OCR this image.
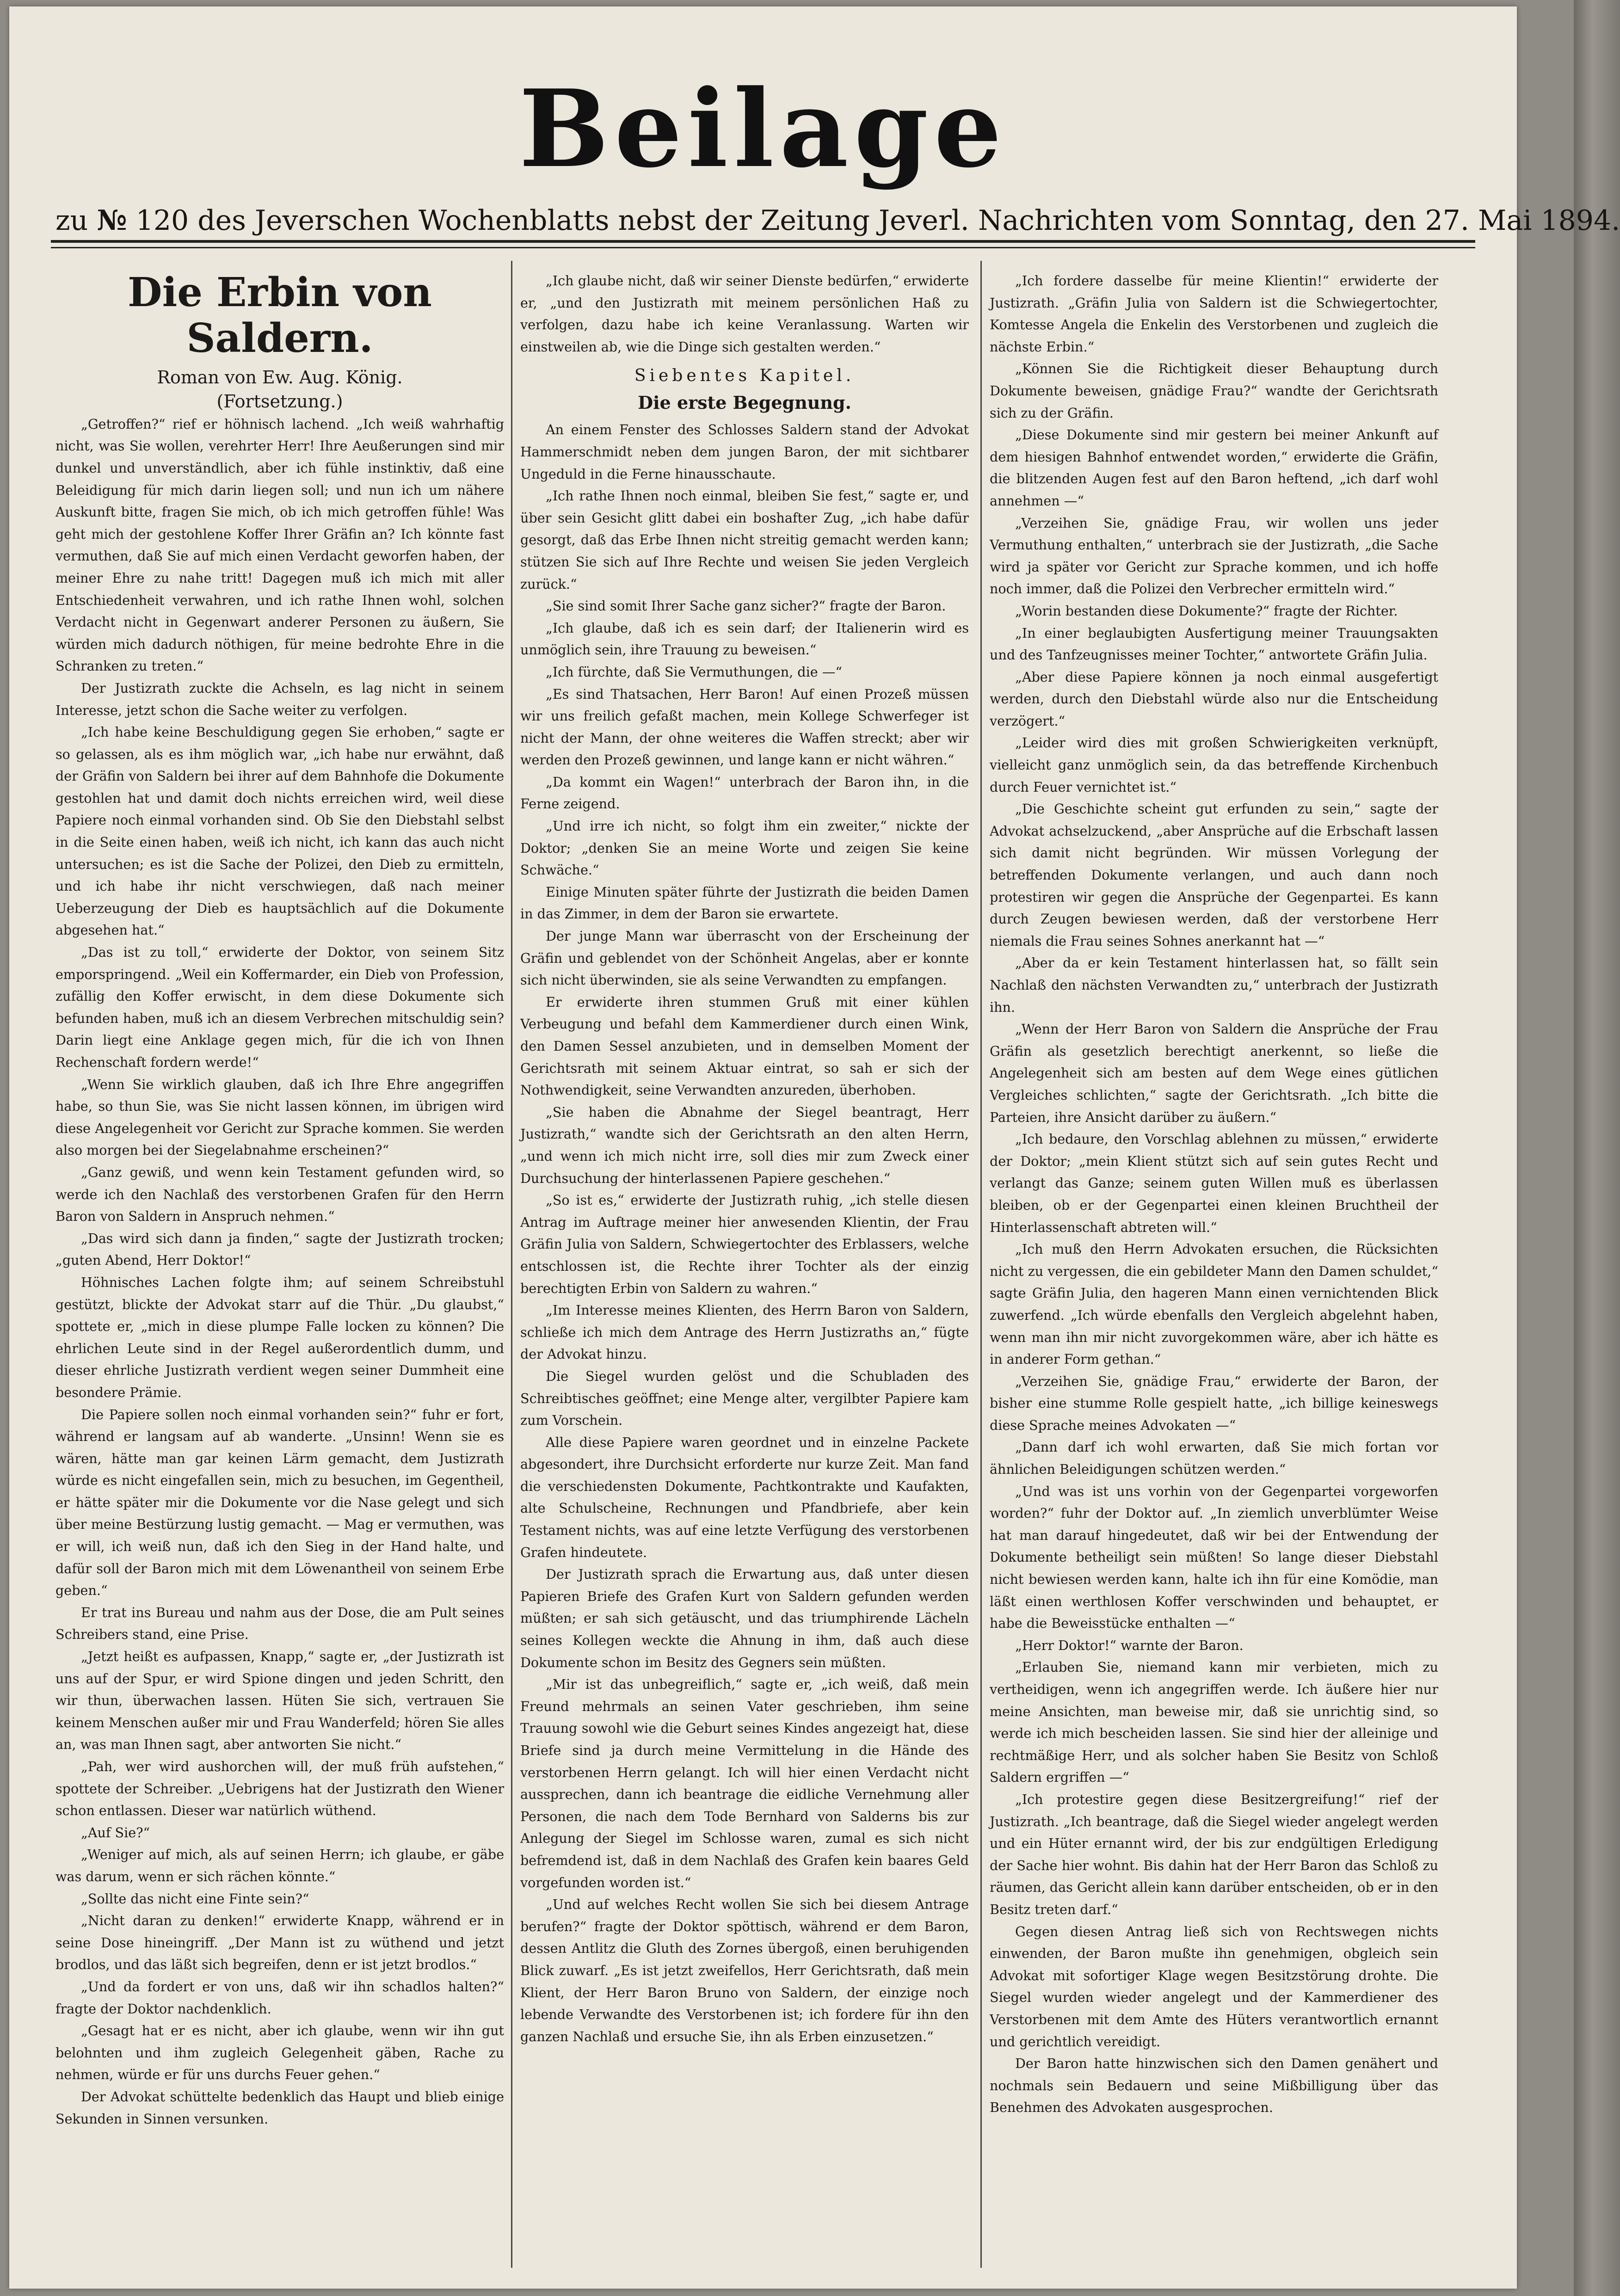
Beilage
zu № 120 des Jeverschen Wochenblatts nebst der Zeitung Jeverl. Nachrichten vom Sonntag, den 27. Mai 1894.
Die Erbin von Saldern.
Roman von Ew. Aug. König.
(Fortsetzung.)

„Getroffen?“ rief er höhnisch lachend. „Ich weiß wahrhaftig nicht, was Sie wollen, verehrter Herr! Ihre Aeußerungen sind mir dunkel und unverständlich, aber ich fühle instinktiv, daß eine Beleidigung für mich darin liegen soll; und nun ich um nähere Auskunft bitte, fragen Sie mich, ob ich mich getroffen fühle! Was geht mich der gestohlene Koffer Ihrer Gräfin an? Ich könnte fast vermuthen, daß Sie auf mich einen Verdacht geworfen haben, der meiner Ehre zu nahe tritt! Dagegen muß ich mich mit aller Entschiedenheit verwahren, und ich rathe Ihnen wohl, solchen Verdacht nicht in Gegenwart anderer Personen zu äußern, Sie würden mich dadurch nöthigen, für meine bedrohte Ehre in die Schranken zu treten.“

Der Justizrath zuckte die Achseln, es lag nicht in seinem Interesse, jetzt schon die Sache weiter zu verfolgen.

„Ich habe keine Beschuldigung gegen Sie erhoben,“ sagte er so gelassen, als es ihm möglich war, „ich habe nur erwähnt, daß der Gräfin von Saldern bei ihrer auf dem Bahnhofe die Dokumente gestohlen hat und damit doch nichts erreichen wird, weil diese Papiere noch einmal vorhanden sind. Ob Sie den Diebstahl selbst in die Seite einen haben, weiß ich nicht, ich kann das auch nicht untersuchen; es ist die Sache der Polizei, den Dieb zu ermitteln, und ich habe ihr nicht verschwiegen, daß nach meiner Ueberzeugung der Dieb es hauptsächlich auf die Dokumente abgesehen hat.“

„Das ist zu toll,“ erwiderte der Doktor, von seinem Sitz emporspringend. „Weil ein Koffermarder, ein Dieb von Profession, zufällig den Koffer erwischt, in dem diese Dokumente sich befunden haben, muß ich an diesem Verbrechen mitschuldig sein? Darin liegt eine Anklage gegen mich, für die ich von Ihnen Rechenschaft fordern werde!“

„Wenn Sie wirklich glauben, daß ich Ihre Ehre angegriffen habe, so thun Sie, was Sie nicht lassen können, im übrigen wird diese Angelegenheit vor Gericht zur Sprache kommen. Sie werden also morgen bei der Siegelabnahme erscheinen?“

„Ganz gewiß, und wenn kein Testament gefunden wird, so werde ich den Nachlaß des verstorbenen Grafen für den Herrn Baron von Saldern in Anspruch nehmen.“

„Das wird sich dann ja finden,“ sagte der Justizrath trocken; „guten Abend, Herr Doktor!“

Höhnisches Lachen folgte ihm; auf seinem Schreibstuhl gestützt, blickte der Advokat starr auf die Thür. „Du glaubst,“ spottete er, „mich in diese plumpe Falle locken zu können? Die ehrlichen Leute sind in der Regel außerordentlich dumm, und dieser ehrliche Justizrath verdient wegen seiner Dummheit eine besondere Prämie.

Die Papiere sollen noch einmal vorhanden sein?“ fuhr er fort, während er langsam auf ab wanderte. „Unsinn! Wenn sie es wären, hätte man gar keinen Lärm gemacht, dem Justizrath würde es nicht eingefallen sein, mich zu besuchen, im Gegentheil, er hätte später mir die Dokumente vor die Nase gelegt und sich über meine Bestürzung lustig gemacht. — Mag er vermuthen, was er will, ich weiß nun, daß ich den Sieg in der Hand halte, und dafür soll der Baron mich mit dem Löwenantheil von seinem Erbe geben.“

Er trat ins Bureau und nahm aus der Dose, die am Pult seines Schreibers stand, eine Prise.

„Jetzt heißt es aufpassen, Knapp,“ sagte er, „der Justizrath ist uns auf der Spur, er wird Spione dingen und jeden Schritt, den wir thun, überwachen lassen. Hüten Sie sich, vertrauen Sie keinem Menschen außer mir und Frau Wanderfeld; hören Sie alles an, was man Ihnen sagt, aber antworten Sie nicht.“

„Pah, wer wird aushorchen will, der muß früh aufstehen,“ spottete der Schreiber. „Uebrigens hat der Justizrath den Wiener schon entlassen. Dieser war natürlich wüthend.

„Auf Sie?“

„Weniger auf mich, als auf seinen Herrn; ich glaube, er gäbe was darum, wenn er sich rächen könnte.“

„Sollte das nicht eine Finte sein?“

„Nicht daran zu denken!“ erwiderte Knapp, während er in seine Dose hineingriff. „Der Mann ist zu wüthend und jetzt brodlos, und das läßt sich begreifen, denn er ist jetzt brodlos.“

„Und da fordert er von uns, daß wir ihn schadlos halten?“ fragte der Doktor nachdenklich.

„Gesagt hat er es nicht, aber ich glaube, wenn wir ihn gut belohnten und ihm zugleich Gelegenheit gäben, Rache zu nehmen, würde er für uns durchs Feuer gehen.“

Der Advokat schüttelte bedenklich das Haupt und blieb einige Sekunden in Sinnen versunken.

„Ich glaube nicht, daß wir seiner Dienste bedürfen,“ erwiderte er, „und den Justizrath mit meinem persönlichen Haß zu verfolgen, dazu habe ich keine Veranlassung. Warten wir einstweilen ab, wie die Dinge sich gestalten werden.“

Siebentes Kapitel.
Die erste Begegnung.

An einem Fenster des Schlosses Saldern stand der Advokat Hammerschmidt neben dem jungen Baron, der mit sichtbarer Ungeduld in die Ferne hinausschaute.

„Ich rathe Ihnen noch einmal, bleiben Sie fest,“ sagte er, und über sein Gesicht glitt dabei ein boshafter Zug, „ich habe dafür gesorgt, daß das Erbe Ihnen nicht streitig gemacht werden kann; stützen Sie sich auf Ihre Rechte und weisen Sie jeden Vergleich zurück.“

„Sie sind somit Ihrer Sache ganz sicher?“ fragte der Baron.

„Ich glaube, daß ich es sein darf; der Italienerin wird es unmöglich sein, ihre Trauung zu beweisen.“

„Ich fürchte, daß Sie Vermuthungen, die —“

„Es sind Thatsachen, Herr Baron! Auf einen Prozeß müssen wir uns freilich gefaßt machen, mein Kollege Schwerfeger ist nicht der Mann, der ohne weiteres die Waffen streckt; aber wir werden den Prozeß gewinnen, und lange kann er nicht währen.“

„Da kommt ein Wagen!“ unterbrach der Baron ihn, in die Ferne zeigend.

„Und irre ich nicht, so folgt ihm ein zweiter,“ nickte der Doktor; „denken Sie an meine Worte und zeigen Sie keine Schwäche.“

Einige Minuten später führte der Justizrath die beiden Damen in das Zimmer, in dem der Baron sie erwartete.

Der junge Mann war überrascht von der Erscheinung der Gräfin und geblendet von der Schönheit Angelas, aber er konnte sich nicht überwinden, sie als seine Verwandten zu empfangen.

Er erwiderte ihren stummen Gruß mit einer kühlen Verbeugung und befahl dem Kammerdiener durch einen Wink, den Damen Sessel anzubieten, und in demselben Moment der Gerichtsrath mit seinem Aktuar eintrat, so sah er sich der Nothwendigkeit, seine Verwandten anzureden, überhoben.

„Sie haben die Abnahme der Siegel beantragt, Herr Justizrath,“ wandte sich der Gerichtsrath an den alten Herrn, „und wenn ich mich nicht irre, soll dies mir zum Zweck einer Durchsuchung der hinterlassenen Papiere geschehen.“

„So ist es,“ erwiderte der Justizrath ruhig, „ich stelle diesen Antrag im Auftrage meiner hier anwesenden Klientin, der Frau Gräfin Julia von Saldern, Schwiegertochter des Erblassers, welche entschlossen ist, die Rechte ihrer Tochter als der einzig berechtigten Erbin von Saldern zu wahren.“

„Im Interesse meines Klienten, des Herrn Baron von Saldern, schließe ich mich dem Antrage des Herrn Justizraths an,“ fügte der Advokat hinzu.

Die Siegel wurden gelöst und die Schubladen des Schreibtisches geöffnet; eine Menge alter, vergilbter Papiere kam zum Vorschein.

Alle diese Papiere waren geordnet und in einzelne Packete abgesondert, ihre Durchsicht erforderte nur kurze Zeit. Man fand die verschiedensten Dokumente, Pachtkontrakte und Kaufakten, alte Schulscheine, Rechnungen und Pfandbriefe, aber kein Testament nichts, was auf eine letzte Verfügung des verstorbenen Grafen hindeutete.

Der Justizrath sprach die Erwartung aus, daß unter diesen Papieren Briefe des Grafen Kurt von Saldern gefunden werden müßten; er sah sich getäuscht, und das triumphirende Lächeln seines Kollegen weckte die Ahnung in ihm, daß auch diese Dokumente schon im Besitz des Gegners sein müßten.

„Mir ist das unbegreiflich,“ sagte er, „ich weiß, daß mein Freund mehrmals an seinen Vater geschrieben, ihm seine Trauung sowohl wie die Geburt seines Kindes angezeigt hat, diese Briefe sind ja durch meine Vermittelung in die Hände des verstorbenen Herrn gelangt. Ich will hier einen Verdacht nicht aussprechen, dann ich beantrage die eidliche Vernehmung aller Personen, die nach dem Tode Bernhard von Salderns bis zur Anlegung der Siegel im Schlosse waren, zumal es sich nicht befremdend ist, daß in dem Nachlaß des Grafen kein baares Geld vorgefunden worden ist.“

„Und auf welches Recht wollen Sie sich bei diesem Antrage berufen?“ fragte der Doktor spöttisch, während er dem Baron, dessen Antlitz die Gluth des Zornes übergoß, einen beruhigenden Blick zuwarf. „Es ist jetzt zweifellos, Herr Gerichtsrath, daß mein Klient, der Herr Baron Bruno von Saldern, der einzige noch lebende Verwandte des Verstorbenen ist; ich fordere für ihn den ganzen Nachlaß und ersuche Sie, ihn als Erben einzusetzen.“

„Ich fordere dasselbe für meine Klientin!“ erwiderte der Justizrath. „Gräfin Julia von Saldern ist die Schwiegertochter, Komtesse Angela die Enkelin des Verstorbenen und zugleich die nächste Erbin.“

„Können Sie die Richtigkeit dieser Behauptung durch Dokumente beweisen, gnädige Frau?“ wandte der Gerichtsrath sich zu der Gräfin.

„Diese Dokumente sind mir gestern bei meiner Ankunft auf dem hiesigen Bahnhof entwendet worden,“ erwiderte die Gräfin, die blitzenden Augen fest auf den Baron heftend, „ich darf wohl annehmen —“

„Verzeihen Sie, gnädige Frau, wir wollen uns jeder Vermuthung enthalten,“ unterbrach sie der Justizrath, „die Sache wird ja später vor Gericht zur Sprache kommen, und ich hoffe noch immer, daß die Polizei den Verbrecher ermitteln wird.“

„Worin bestanden diese Dokumente?“ fragte der Richter.

„In einer beglaubigten Ausfertigung meiner Trauungsakten und des Tanfzeugnisses meiner Tochter,“ antwortete Gräfin Julia.

„Aber diese Papiere können ja noch einmal ausgefertigt werden, durch den Diebstahl würde also nur die Entscheidung verzögert.“

„Leider wird dies mit großen Schwierigkeiten verknüpft, vielleicht ganz unmöglich sein, da das betreffende Kirchenbuch durch Feuer vernichtet ist.“

„Die Geschichte scheint gut erfunden zu sein,“ sagte der Advokat achselzuckend, „aber Ansprüche auf die Erbschaft lassen sich damit nicht begründen. Wir müssen Vorlegung der betreffenden Dokumente verlangen, und auch dann noch protestiren wir gegen die Ansprüche der Gegenpartei. Es kann durch Zeugen bewiesen werden, daß der verstorbene Herr niemals die Frau seines Sohnes anerkannt hat —“

„Aber da er kein Testament hinterlassen hat, so fällt sein Nachlaß den nächsten Verwandten zu,“ unterbrach der Justizrath ihn.

„Wenn der Herr Baron von Saldern die Ansprüche der Frau Gräfin als gesetzlich berechtigt anerkennt, so ließe die Angelegenheit sich am besten auf dem Wege eines gütlichen Vergleiches schlichten,“ sagte der Gerichtsrath. „Ich bitte die Parteien, ihre Ansicht darüber zu äußern.“

„Ich bedaure, den Vorschlag ablehnen zu müssen,“ erwiderte der Doktor; „mein Klient stützt sich auf sein gutes Recht und verlangt das Ganze; seinem guten Willen muß es überlassen bleiben, ob er der Gegenpartei einen kleinen Bruchtheil der Hinterlassenschaft abtreten will.“

„Ich muß den Herrn Advokaten ersuchen, die Rücksichten nicht zu vergessen, die ein gebildeter Mann den Damen schuldet,“ sagte Gräfin Julia, den hageren Mann einen vernichtenden Blick zuwerfend. „Ich würde ebenfalls den Vergleich abgelehnt haben, wenn man ihn mir nicht zuvorgekommen wäre, aber ich hätte es in anderer Form gethan.“

„Verzeihen Sie, gnädige Frau,“ erwiderte der Baron, der bisher eine stumme Rolle gespielt hatte, „ich billige keineswegs diese Sprache meines Advokaten —“

„Dann darf ich wohl erwarten, daß Sie mich fortan vor ähnlichen Beleidigungen schützen werden.“

„Und was ist uns vorhin von der Gegenpartei vorgeworfen worden?“ fuhr der Doktor auf. „In ziemlich unverblümter Weise hat man darauf hingedeutet, daß wir bei der Entwendung der Dokumente betheiligt sein müßten! So lange dieser Diebstahl nicht bewiesen werden kann, halte ich ihn für eine Komödie, man läßt einen werthlosen Koffer verschwinden und behauptet, er habe die Beweisstücke enthalten —“

„Herr Doktor!“ warnte der Baron.

„Erlauben Sie, niemand kann mir verbieten, mich zu vertheidigen, wenn ich angegriffen werde. Ich äußere hier nur meine Ansichten, man beweise mir, daß sie unrichtig sind, so werde ich mich bescheiden lassen. Sie sind hier der alleinige und rechtmäßige Herr, und als solcher haben Sie Besitz von Schloß Saldern ergriffen —“

„Ich protestire gegen diese Besitzergreifung!“ rief der Justizrath. „Ich beantrage, daß die Siegel wieder angelegt werden und ein Hüter ernannt wird, der bis zur endgültigen Erledigung der Sache hier wohnt. Bis dahin hat der Herr Baron das Schloß zu räumen, das Gericht allein kann darüber entscheiden, ob er in den Besitz treten darf.“

Gegen diesen Antrag ließ sich von Rechtswegen nichts einwenden, der Baron mußte ihn genehmigen, obgleich sein Advokat mit sofortiger Klage wegen Besitzstörung drohte. Die Siegel wurden wieder angelegt und der Kammerdiener des Verstorbenen mit dem Amte des Hüters verantwortlich ernannt und gerichtlich vereidigt.

Der Baron hatte hinzwischen sich den Damen genähert und nochmals sein Bedauern und seine Mißbilligung über das Benehmen des Advokaten ausgesprochen.
